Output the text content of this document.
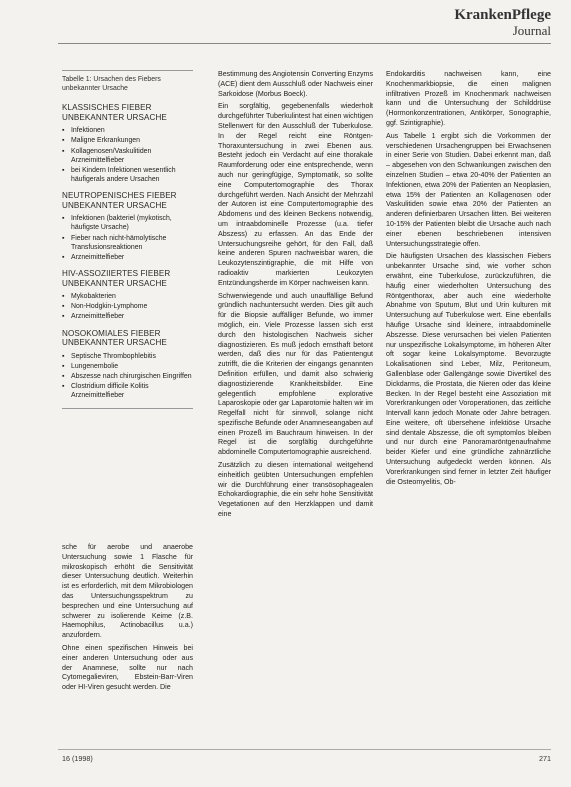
KrankenPflege
Journal
Tabelle 1: Ursachen des Fiebers unbekannter Ursache
KLASSISCHES FIEBER UNBEKANNTER URSACHE
▪ Infektionen
▪ Maligne Erkrankungen
▪ Kollagenosen/Vaskulitiden Arzneimittelfieber
▪ bei Kindern Infektionen wesentlich häufigerals andere Ursachen
NEUTROPENISCHES FIEBER UNBEKANNTER URSACHE
▪ Infektionen (bakteriel (mykotisch, häufigste Ursache)
▪ Fieber nach nicht-hämolytische Transfusionsreaktionen
▪ Arzneimittelfieber
HIV-ASSOZIIERTES FIEBER UNBEKANNTER URSACHE
▪ Mykobakterien
▪ Non-Hodgkin-Lymphome
▪ Arzneimittelfieber
NOSOKOMIALES FIEBER UNBEKANNTER URSACHE
▪ Septische Thrombophlebitis
▪ Lungenembolie
▪ Abszesse nach chirurgischen Eingriffen
▪ Clostridium difficile Kolitis Arzneimittelfieber

sche für aerobe und anaerobe Untersuchung sowie 1 Flasche für mikroskopisch erhöht die Sensitivität dieser Untersuchung deutlich. Weiterhin ist es erforderlich, mit dem Mikrobiologen das Untersuchungsspektrum zu besprechen und eine Untersuchung auf schwerer zu isolierende Keime (z.B. Haemophilus, Actinobacillus u.a.) anzufordern.

Ohne einen spezifischen Hinweis bei einer anderen Untersuchung oder aus der Anamnese, sollte nur nach Cytomegalieviren, Ebstein-Barr-Viren oder HI-Viren gesucht werden. Die

Bestimmung des Angiotensin Converting Enzyms (ACE) dient dem Ausschluß oder Nachweis einer Sarkoidose (Morbus Boeck).

Ein sorgfältig, gegebenenfalls wiederholt durchgeführter Tuberkulintest hat einen wichtigen Stellenwert für den Ausschluß der Tuberkulose. In der Regel reicht eine Röntgen-Thoraxuntersuchung in zwei Ebenen aus. Besteht jedoch ein Verdacht auf eine thorakale Raumforderung oder eine entsprechende, wenn auch nur geringfügige, Symptomatik, so sollte eine Computertomographie des Thorax durchgeführt werden. Nach Ansicht der Mehrzahl der Autoren ist eine Computertomographie des Abdomens und des kleinen Beckens notwendig, um intraabdominelle Prozesse (u.a. tiefer Abszess) zu erfassen. An das Ende der Untersuchungsreihe gehört, für den Fall, daß keine anderen Spuren nachweisbar waren, die Leukozytenszintigraphie, die mit Hilfe von radioaktiv markierten Leukozyten Entzündungsherde im Körper nachweisen kann.

Schwerwiegende und auch unauffällige Befund gründlich nachuntersucht werden. Dies gilt auch für die Biopsie auffälliger Befunde, wo immer möglich, ein. Viele Prozesse lassen sich erst durch den histologischen Nachweis sicher diagnostizieren. Es muß jedoch ernsthaft betont werden, daß dies nur für das Patientengut zutrifft, die die Kriterien der eingangs genannten Definition erfüllen, und damit also schwierig diagnostizierende Krankheitsbilder. Eine gelegentlich empfohlene explorative Laparoskopie oder gar Laparotomie halten wir im Regelfall nicht für sinnvoll, solange nicht spezifische Befunde oder Anamneseangaben auf einen Prozeß im Bauchraum hinweisen. In der Regel ist die sorgfältig durchgeführte abdominelle Computertomographie ausreichend.

Zusätzlich zu diesen international weitgehend einheitlich geübten Untersuchungen empfehlen wir die Durchführung einer transösophagealen Echokardiographie, die ein sehr hohe Sensitivität Vegetationen auf den Herzklappen und damit eine

Endokarditis nachweisen kann, eine Knochenmarkbiopsie, die einen malignen infiltrativen Prozeß im Knochenmark nachweisen kann und die Untersuchung der Schilddrüse (Hormonkonzentrationen, Antikörper, Sonographie, ggf. Szintigraphie).

Aus Tabelle 1 ergibt sich die Vorkommen der verschiedenen Ursachengruppen bei Erwachsenen in einer Serie von Studien. Dabei erkennt man, daß – abgesehen von den Schwankungen zwischen den einzelnen Studien – etwa 20-40% der Patienten an Infektionen, etwa 20% der Patienten an Neoplasien, etwa 15% der Patienten an Kollagenosen oder Vaskulitiden sowie etwa 20% der Patienten an anderen definierbaren Ursachen litten. Bei weiteren 10-15% der Patienten bleibt die Ursache auch nach einer ebenen beschriebenen intensiven Untersuchungsstrategie offen.

Die häufigsten Ursachen des klassischen Fiebers unbekannter Ursache sind, wie vorher schon erwähnt, eine Tuberkulose, zurückzuführen, die häufig einer wiederholten Untersuchung des Röntgenthorax, aber auch eine wiederholte Abnahme von Sputum, Blut und Urin kulturen mit Untersuchung auf Tuberkulose wert. Eine ebenfalls häufige Ursache sind kleinere, intraabdominelle Abszesse. Diese verursachen bei vielen Patienten nur unspezifische Lokalsymptome, im höheren Alter oft sogar keine Lokalsymptome. Bevorzugte Lokalisationen sind Leber, Milz, Peritoneum, Gallenblase oder Gallengänge sowie Divertikel des Dickdarms, die Prostata, die Nieren oder das kleine Becken. In der Regel besteht eine Assoziation mit Vorerkrankungen oder Voroperationen, das zeitliche Intervall kann jedoch Monate oder Jahre betragen. Eine weitere, oft übersehene infektiöse Ursache sind dentale Abszesse, die oft symptomlos bleiben und nur durch eine Panoramaröntgenaufnahme beider Kiefer und eine gründliche zahnärztliche Untersuchung aufgedeckt werden können. Als Vorerkrankungen sind ferner in letzter Zeit häufiger die Osteomyelitis, Ob-

16 (1998)	271
